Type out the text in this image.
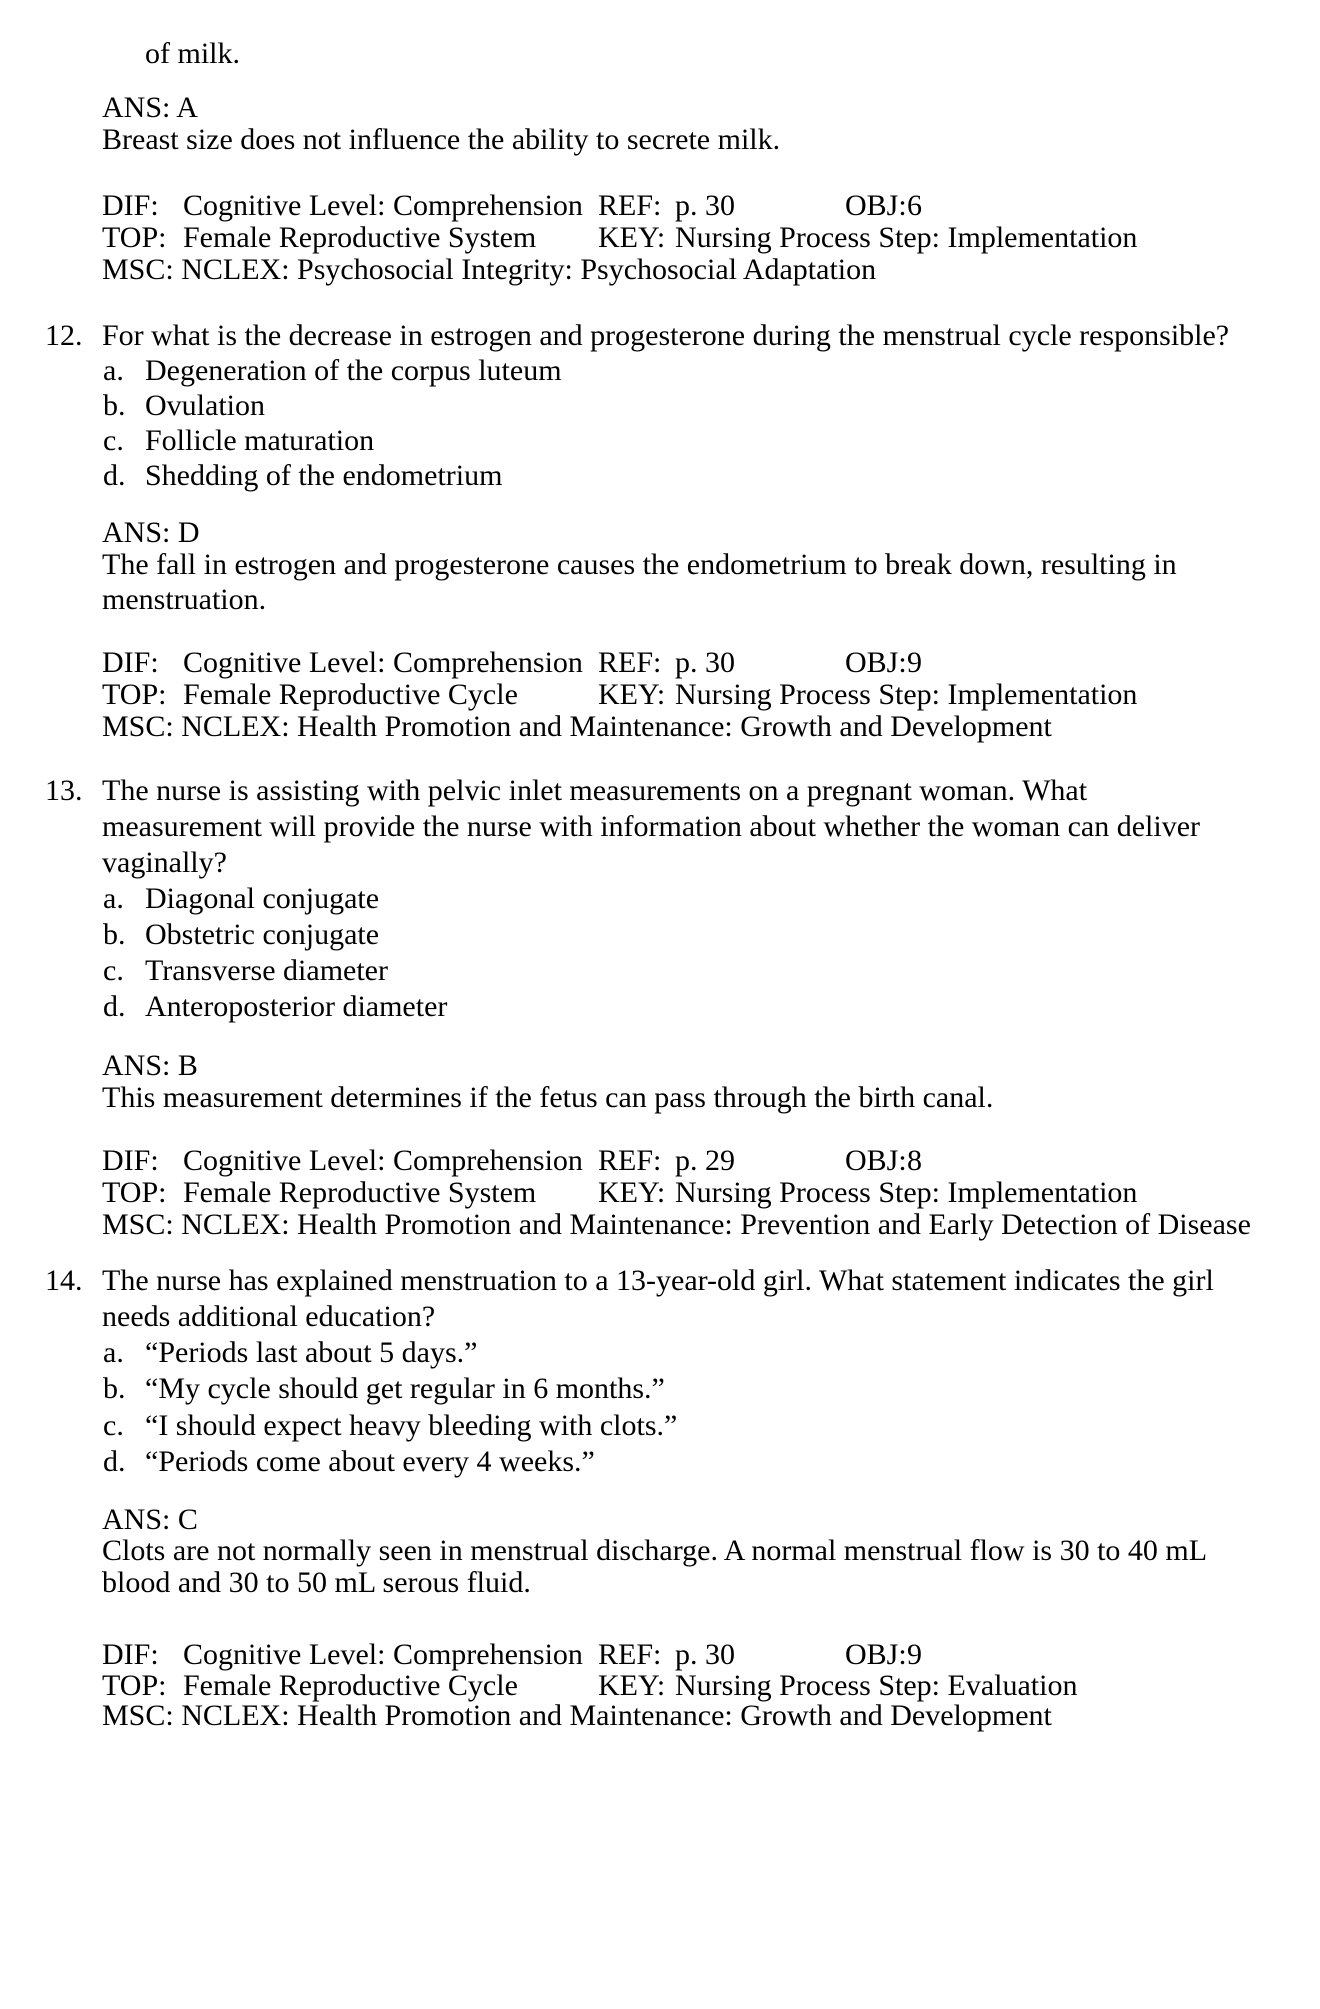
of milk.
ANS: A
Breast size does not influence the ability to secrete milk.
DIF: Cognitive Level: Comprehension REF: p. 30	OBJ: 6
TOP: Female Reproductive System KEY: Nursing Process Step: Implementation
MSC: NCLEX: Psychosocial Integrity: Psychosocial Adaptation
12. For what is the decrease in estrogen and progesterone during the menstrual cycle responsible?
a. Degeneration of the corpus luteum
b. Ovulation
c. Follicle maturation
d. Shedding of the endometrium
ANS: D
The fall in estrogen and progesterone causes the endometrium to break down, resulting in
menstruation.
DIF: Cognitive Level: Comprehension REF: p. 30	OBJ: 9
TOP: Female Reproductive Cycle	KEY: Nursing Process Step: Implementation
MSC: NCLEX: Health Promotion and Maintenance: Growth and Development
13. The nurse is assisting with pelvic inlet measurements on a pregnant woman. What
measurement will provide the nurse with information about whether the woman can deliver
vaginally?
a. Diagonal conjugate
b. Obstetric conjugate
c. Transverse diameter
d. Anteroposterior diameter
ANS: B
This measurement determines if the fetus can pass through the birth canal.
DIF: Cognitive Level: Comprehension REF: p. 29	OBJ: 8
TOP: Female Reproductive System KEY: Nursing Process Step: Implementation
MSC: NCLEX: Health Promotion and Maintenance: Prevention and Early Detection of Disease
14. The nurse has explained menstruation to a 13-year-old girl. What statement indicates the girl
needs additional education?
a. “Periods last about 5 days.”
b. “My cycle should get regular in 6 months.”
c. “I should expect heavy bleeding with clots.”
d. “Periods come about every 4 weeks.”
ANS: C
Clots are not normally seen in menstrual discharge. A normal menstrual flow is 30 to 40 mL
blood and 30 to 50 mL serous fluid.
DIF: Cognitive Level: Comprehension REF: p. 30	OBJ: 9
TOP: Female Reproductive Cycle	KEY: Nursing Process Step: Evaluation
MSC: NCLEX: Health Promotion and Maintenance: Growth and Development
